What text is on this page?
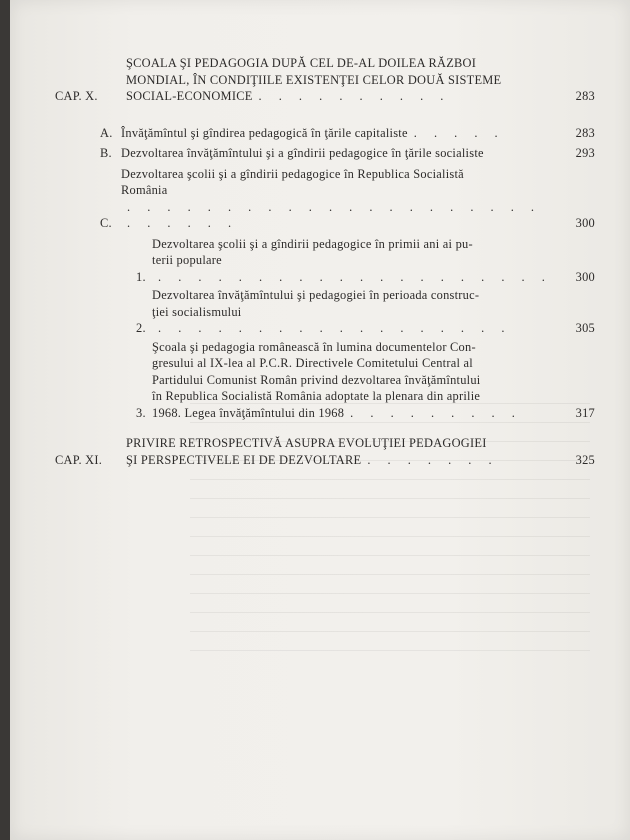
CAP. X.
ŞCOALA ŞI PEDAGOGIA DUPĂ CEL DE-AL DOILEA RĂZBOI
MONDIAL, ÎN CONDIŢIILE EXISTENŢEI CELOR DOUĂ SISTEME
SOCIAL-ECONOMICE . . . . . . . . . .	283
A. Învăţămîntul şi gîndirea pedagogică în ţările capitaliste . . . . .	283
B. Dezvoltarea învăţămîntului şi a gîndirii pedagogice în ţările socialiste	293
C.
Dezvoltarea şcolii şi a gîndirii pedagogice în Republica Socialistă
România. . . . . . . . . . . . . . . . . . . . . . . . . . .	300
1.
Dezvoltarea şcolii şi a gîndirii pedagogice în primii ani ai pu-
terii populare. . . . . . . . . . . . . . . . . . . .	300
2.
Dezvoltarea învăţămîntului şi pedagogiei în perioada construc-
ţiei socialismului. . . . . . . . . . . . . . . . . .	305
3.
Şcoala şi pedagogia românească în lumina documentelor Con-
gresului al IX-lea al P.C.R. Directivele Comitetului Central al
Partidului Comunist Român privind dezvoltarea învăţămîntului
în Republica Socialistă România adoptate la plenara din aprilie
1968. Legea învăţămîntului din 1968 . . . . . . . . .	317
CAP. XI.
PRIVIRE RETROSPECTIVĂ ASUPRA EVOLUŢIEI PEDAGOGIEI
ŞI PERSPECTIVELE EI DE DEZVOLTARE . . . . . . .	325
